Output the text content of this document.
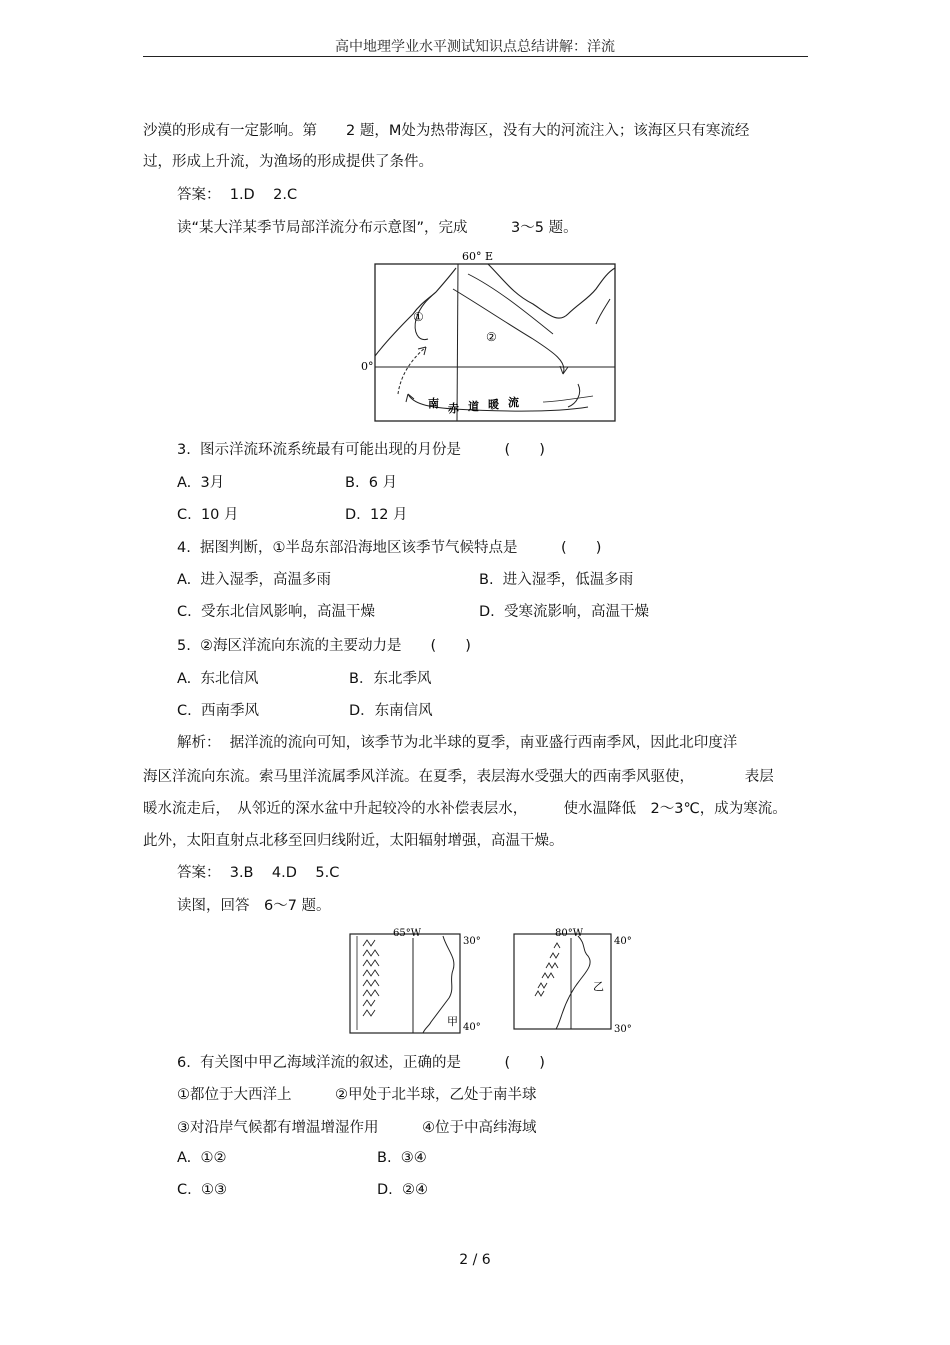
高中地理学业水平测试知识点总结讲解：洋流
沙漠的形成有一定影响。第　　2 题，M处为热带海区，没有大的河流注入；该海区只有寒流经
过，形成上升流，为渔场的形成提供了条件。
答案：  1.D    2.C
读“某大洋某季节局部洋流分布示意图”，完成　　　3～5 题。
60° E
0°
①
②
南 赤 道 暖 流
3.  图示洋流环流系统最有可能出现的月份是　　　(　　)
A.  3月	B.  6 月
C.  10 月	D.  12 月
4.  据图判断，①半岛东部沿海地区该季节气候特点是　　　(　　)
A.  进入湿季，高温多雨	B.  进入湿季，低温多雨
C.  受东北信风影响，高温干燥	D.  受寒流影响，高温干燥
5.  ②海区洋流向东流的主要动力是　　(　　)
A.  东北信风	B．东北季风
C.  西南季风	D．东南信风
解析：  据洋流的流向可知，该季节为北半球的夏季，南亚盛行西南季风，因此北印度洋
海区洋流向东流。索马里洋流属季风洋流。在夏季，表层海水受强大的西南季风驱使，　　　　表层
暖水流走后，　从邻近的深水盆中升起较冷的水补偿表层水，　　　使水温降低　2～3℃，成为寒流。
此外，太阳直射点北移至回归线附近，太阳辐射增强，高温干燥。
答案：  3.B    4.D    5.C
读图，回答　6～7 题。
65°W
30°
40°
甲
80°W
40°
30°
乙
6.  有关图中甲乙海域洋流的叙述，正确的是　　　(　　)
①都位于大西洋上　　　②甲处于北半球，乙处于南半球
③对沿岸气候都有增温增湿作用　　　④位于中高纬海域
A.  ①②	B.  ③④
C.  ①③	D.  ②④
2 / 6
